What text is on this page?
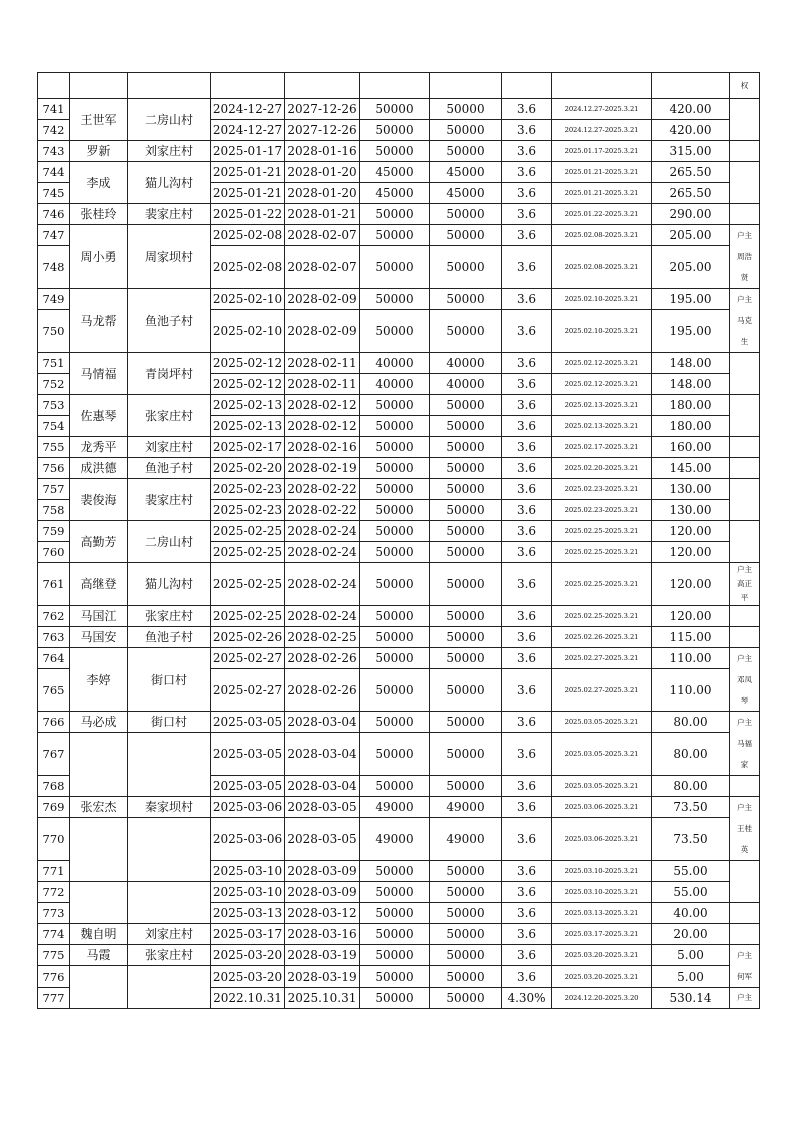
										权

741	王世军	二房山村	2024-12-27	2027-12-26	50000	50000	3.6	2024.12.27-2025.3.21	420.00	
742			2024-12-27	2027-12-26	50000	50000	3.6	2024.12.27-2025.3.21	420.00	
743	罗新	刘家庄村	2025-01-17	2028-01-16	50000	50000	3.6	2025.01.17-2025.3.21	315.00	
744	李成	猫儿沟村	2025-01-21	2028-01-20	45000	45000	3.6	2025.01.21-2025.3.21	265.50	
745			2025-01-21	2028-01-20	45000	45000	3.6	2025.01.21-2025.3.21	265.50	
746	张桂玲	裴家庄村	2025-01-22	2028-01-21	50000	50000	3.6	2025.01.22-2025.3.21	290.00	
747	周小勇	周家坝村	2025-02-08	2028-02-07	50000	50000	3.6	2025.02.08-2025.3.21	205.00	户主
周浩
贤

748			2025-02-08	2028-02-07	50000	50000	3.6	2025.02.08-2025.3.21	205.00	
749	马龙帮	鱼池子村	2025-02-10	2028-02-09	50000	50000	3.6	2025.02.10-2025.3.21	195.00	户主
马克
生

750			2025-02-10	2028-02-09	50000	50000	3.6	2025.02.10-2025.3.21	195.00	
751	马情福	青岗坪村	2025-02-12	2028-02-11	40000	40000	3.6	2025.02.12-2025.3.21	148.00	
752			2025-02-12	2028-02-11	40000	40000	3.6	2025.02.12-2025.3.21	148.00	
753	佐惠琴	张家庄村	2025-02-13	2028-02-12	50000	50000	3.6	2025.02.13-2025.3.21	180.00	
754			2025-02-13	2028-02-12	50000	50000	3.6	2025.02.13-2025.3.21	180.00	
755	龙秀平	刘家庄村	2025-02-17	2028-02-16	50000	50000	3.6	2025.02.17-2025.3.21	160.00	
756	成洪德	鱼池子村	2025-02-20	2028-02-19	50000	50000	3.6	2025.02.20-2025.3.21	145.00	
757	裴俊海	裴家庄村	2025-02-23	2028-02-22	50000	50000	3.6	2025.02.23-2025.3.21	130.00	
758			2025-02-23	2028-02-22	50000	50000	3.6	2025.02.23-2025.3.21	130.00	
759	高勤芳	二房山村	2025-02-25	2028-02-24	50000	50000	3.6	2025.02.25-2025.3.21	120.00	
760			2025-02-25	2028-02-24	50000	50000	3.6	2025.02.25-2025.3.21	120.00	
761	高继登	猫儿沟村	2025-02-25	2028-02-24	50000	50000	3.6	2025.02.25-2025.3.21	120.00	户主
高正
平

762	马国江	张家庄村	2025-02-25	2028-02-24	50000	50000	3.6	2025.02.25-2025.3.21	120.00	
763	马国安	鱼池子村	2025-02-26	2028-02-25	50000	50000	3.6	2025.02.26-2025.3.21	115.00	
764	李婷	街口村	2025-02-27	2028-02-26	50000	50000	3.6	2025.02.27-2025.3.21	110.00	户主
邓凤
琴

765			2025-02-27	2028-02-26	50000	50000	3.6	2025.02.27-2025.3.21	110.00	
766	马必成	街口村	2025-03-05	2028-03-04	50000	50000	3.6	2025.03.05-2025.3.21	80.00	户主
马福
家

767			2025-03-05	2028-03-04	50000	50000	3.6	2025.03.05-2025.3.21	80.00	
768			2025-03-05	2028-03-04	50000	50000	3.6	2025.03.05-2025.3.21	80.00	
769	张宏杰	秦家坝村	2025-03-06	2028-03-05	49000	49000	3.6	2025.03.06-2025.3.21	73.50	户主
王桂
英

770			2025-03-06	2028-03-05	49000	49000	3.6	2025.03.06-2025.3.21	73.50	
771			2025-03-10	2028-03-09	50000	50000	3.6	2025.03.10-2025.3.21	55.00	
772			2025-03-10	2028-03-09	50000	50000	3.6	2025.03.10-2025.3.21	55.00	
773			2025-03-13	2028-03-12	50000	50000	3.6	2025.03.13-2025.3.21	40.00	
774	魏自明	刘家庄村	2025-03-17	2028-03-16	50000	50000	3.6	2025.03.17-2025.3.21	20.00	
775	马霞	张家庄村	2025-03-20	2028-03-19	50000	50000	3.6	2025.03.20-2025.3.21	5.00	户主
何军

776			2025-03-20	2028-03-19	50000	50000	3.6	2025.03.20-2025.3.21	5.00	
777			2022.10.31	2025.10.31	50000	50000	4.30%	2024.12.20-2025.3.20	530.14	户主
